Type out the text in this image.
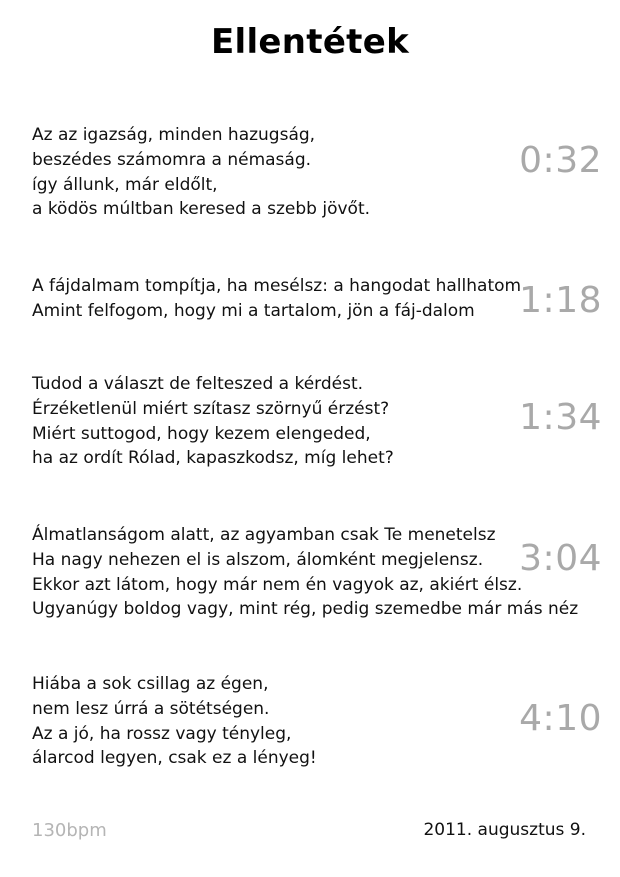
Ellentétek
Az az igazság, minden hazugság,
beszédes számomra a némaság.
így állunk, már eldőlt,
a ködös múltban keresed a szebb jövőt.
0:32
A fájdalmam tompítja, ha mesélsz: a hangodat hallhatom
Amint felfogom, hogy mi a tartalom, jön a fáj-dalom	1:18
Tudod a választ de felteszed a kérdést.
Érzéketlenül miért szítasz szörnyű érzést?
Miért suttogod, hogy kezem elengeded,
ha az ordít Rólad, kapaszkodsz, míg lehet?
1:34
Álmatlanságom alatt, az agyamban csak Te menetelsz
Ha nagy nehezen el is alszom, álomként megjelensz.
Ekkor azt látom, hogy már nem én vagyok az, akiért élsz.
Ugyanúgy boldog vagy, mint rég, pedig szemedbe már más néz
3:04
Hiába a sok csillag az égen,
nem lesz úrrá a sötétségen.
Az a jó, ha rossz vagy tényleg,
álarcod legyen, csak ez a lényeg!
4:10
130bpm	2011. augusztus 9.
